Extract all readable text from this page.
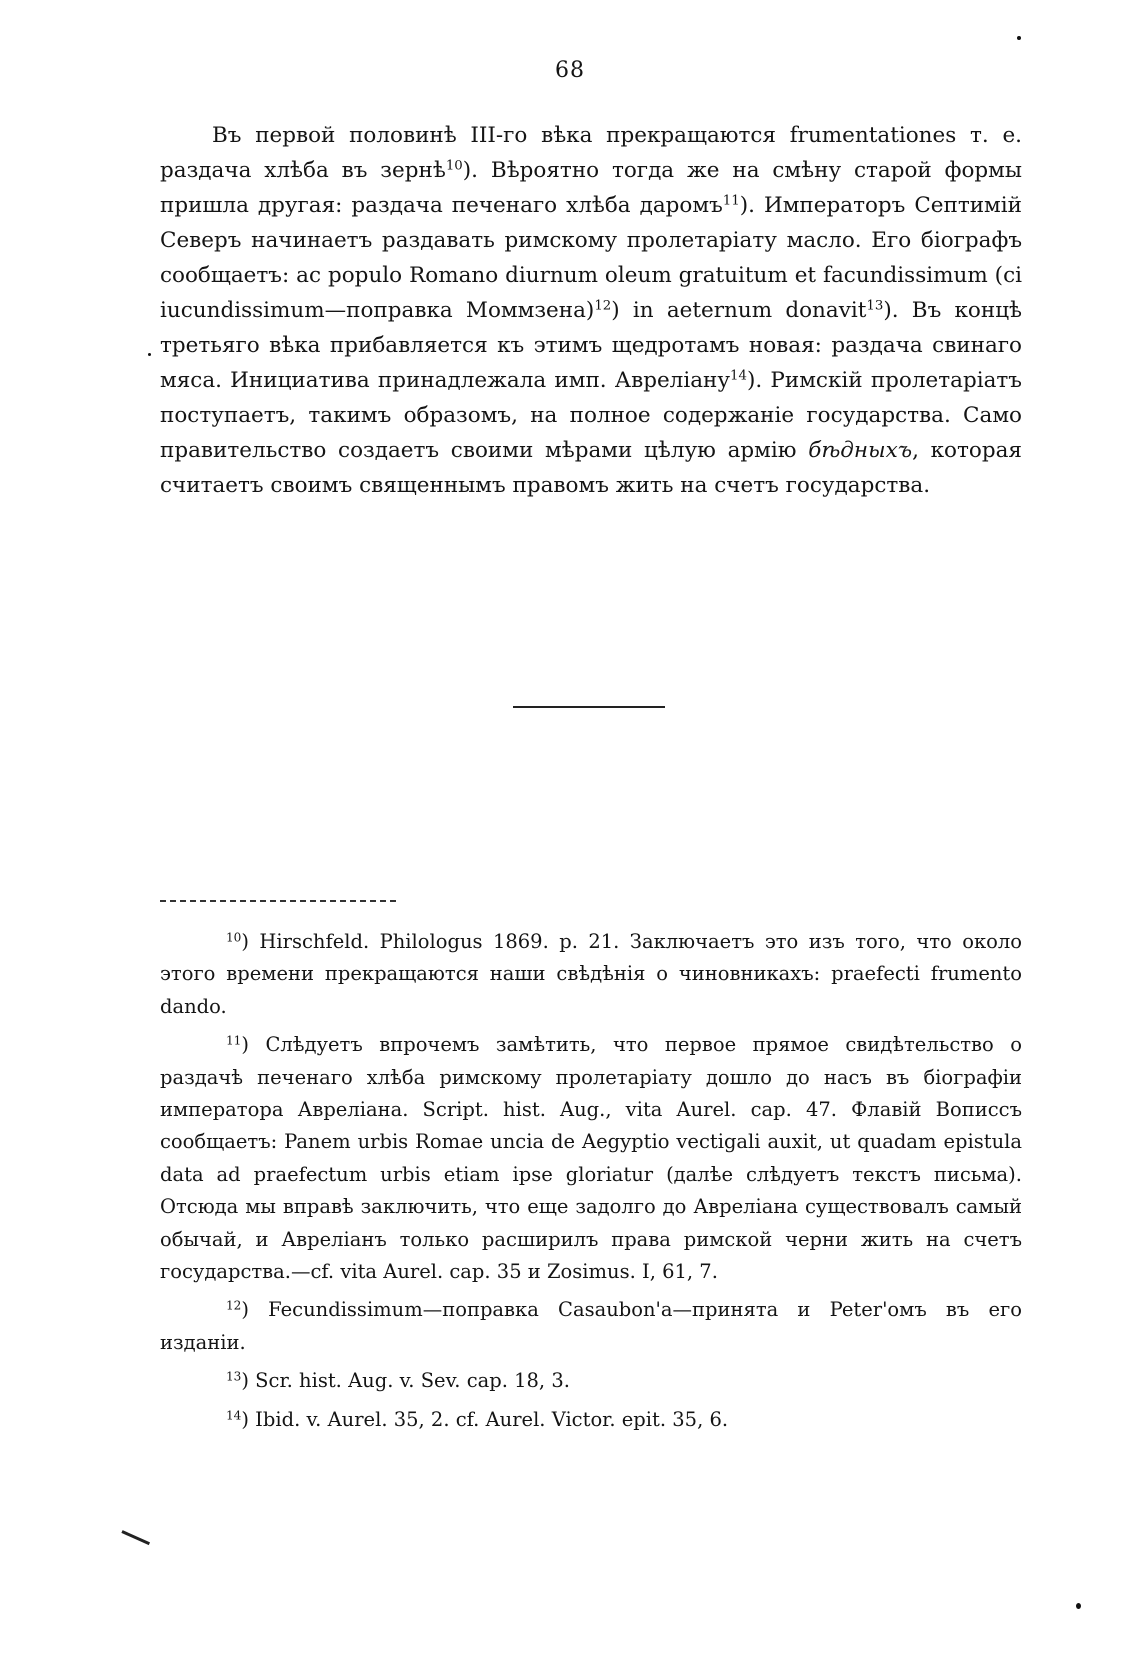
68

Въ первой половинѣ III-го вѣка прекращаются frumentationes т. е. раздача хлѣба въ зернѣ$^{10}$). Вѣроятно тогда же на смѣну старой формы пришла другая: раздача печенаго хлѣба даромъ$^{11}$). Императоръ Септимій Северъ начинаетъ раздавать римскому пролетаріату масло. Его біографъ сообщаетъ: ac populo Romano diurnum oleum gratuitum et facundissimum (ci iucundissimum—поправка Моммзена)$^{12}$) in aeternum donavit$^{13}$). Въ концѣ третьяго вѣка прибавляется къ этимъ щедротамъ новая: раздача свинаго мяса. Инициатива принадлежала имп. Авреліану$^{14}$). Римскій пролетаріатъ поступаетъ, такимъ образомъ, на полное содержаніе государства. Само правительство создаетъ своими мѣрами цѣлую армію бѣдныхъ, которая считаетъ своимъ священнымъ правомъ жить на счетъ государства.

$^{10}$) Hirschfeld. Philologus 1869. p. 21. Заключаетъ это изъ того, что около этого времени прекращаются наши свѣдѣнія о чиновникахъ: praefecti frumento dando.

$^{11}$) Слѣдуетъ впрочемъ замѣтить, что первое прямое свидѣтельство о раздачѣ печенаго хлѣба римскому пролетаріату дошло до насъ въ біографіи императора Авреліана. Script. hist. Aug., vita Aurel. cap. 47. Флавій Вописсъ сообщаетъ: Panem urbis Romae uncia de Aegyptio vectigali auxit, ut quadam epistula data ad praefectum urbis etiam ipse gloriatur (далѣе слѣдуетъ текстъ письма). Отсюда мы вправѣ заключить, что еще задолго до Авреліана существовалъ самый обычай, и Авреліанъ только расширилъ права римской черни жить на счетъ государства.—cf. vita Aurel. cap. 35 и Zosimus. I, 61, 7.

$^{12}$) Fecundissimum—поправка Casaubon'а—принята и Peter'омъ въ его изданіи.

$^{13}$) Scr. hist. Aug. v. Sev. cap. 18, 3.

$^{14}$) Ibid. v. Aurel. 35, 2. cf. Aurel. Victor. epit. 35, 6.
